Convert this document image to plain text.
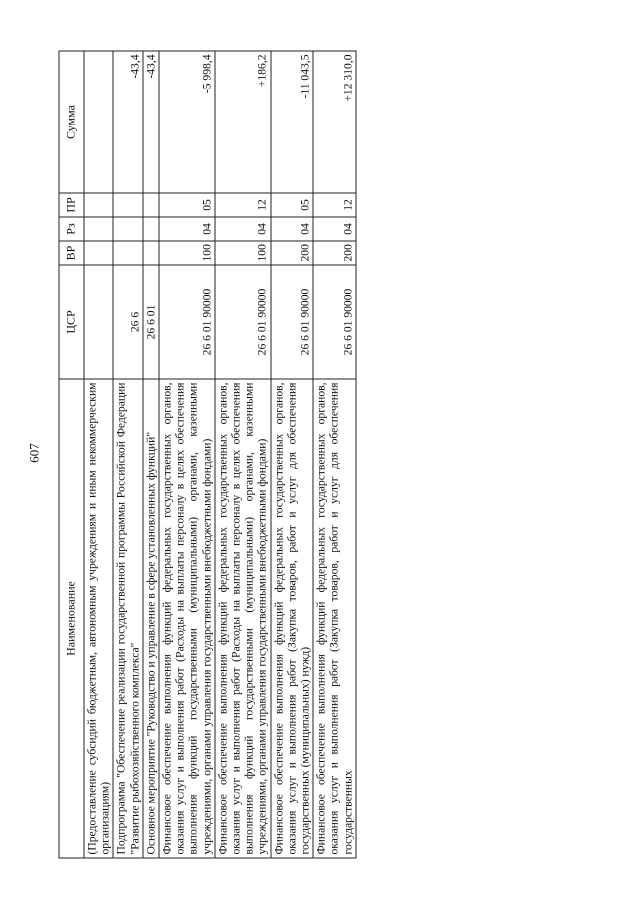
607
Наименование	ЦСР	ВР	Рз	ПР	Сумма
(Предоставление субсидий бюджетным, автономным учреждениям и иным некоммерческим организациям)					
Подпрограмма "Обеспечение реализации государственной программы Российской Федерации "Развитие рыбохозяйственного комплекса"	26 6				-43,4
Основное мероприятие "Руководство и управление в сфере установленных функций"	26 6 01				-43,4
Финансовое обеспечение выполнения функций федеральных государственных органов, оказания услуг и выполнения работ (Расходы на выплаты персоналу в целях обеспечения выполнения функций государственными (муниципальными) органами, казенными учреждениями, органами управления государственными внебюджетными фондами)	26 6 01 90000	100	04	05	-5 998,4
Финансовое обеспечение выполнения функций федеральных государственных органов, оказания услуг и выполнения работ (Расходы на выплаты персоналу в целях обеспечения выполнения функций государственными (муниципальными) органами, казенными учреждениями, органами управления государственными внебюджетными фондами)	26 6 01 90000	100	04	12	+186,2
Финансовое обеспечение выполнения функций федеральных государственных органов, оказания услуг и выполнения работ (Закупка товаров, работ и услуг для обеспечения государственных (муниципальных) нужд)	26 6 01 90000	200	04	05	-11 043,5
Финансовое обеспечение выполнения функций федеральных государственных органов, оказания услуг и выполнения работ (Закупка товаров, работ и услуг для обеспечения государственных	26 6 01 90000	200	04	12	+12 310,0
